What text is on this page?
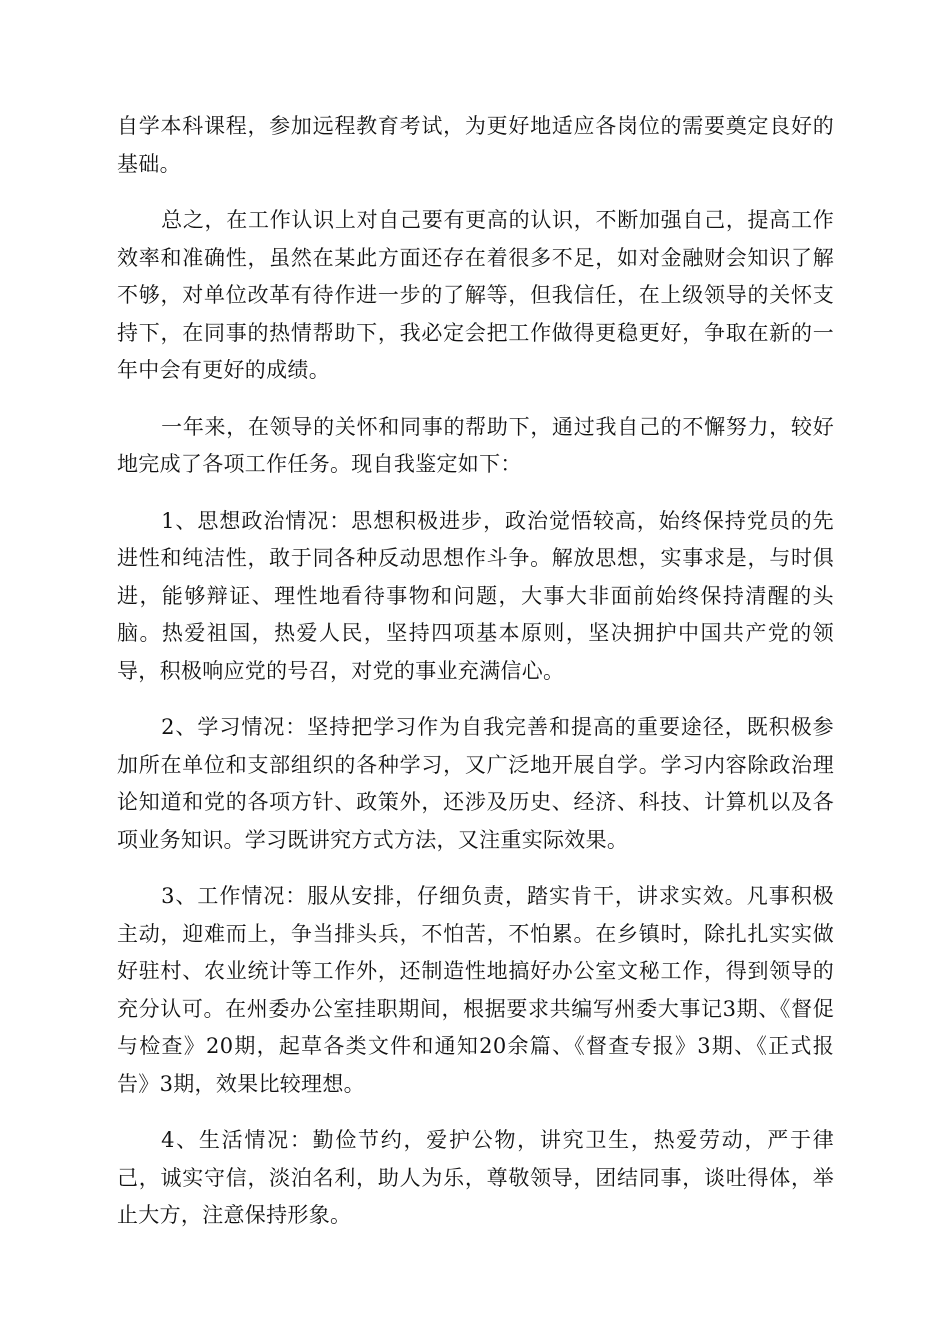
自学本科课程，参加远程教育考试，为更好地适应各岗位的需要奠定良好的基础。

总之，在工作认识上对自己要有更高的认识，不断加强自己，提高工作效率和准确性，虽然在某此方面还存在着很多不足，如对金融财会知识了解不够，对单位改革有待作进一步的了解等，但我信任，在上级领导的关怀支持下，在同事的热情帮助下，我必定会把工作做得更稳更好，争取在新的一年中会有更好的成绩。

一年来，在领导的关怀和同事的帮助下，通过我自己的不懈努力，较好地完成了各项工作任务。现自我鉴定如下：

1、思想政治情况：思想积极进步，政治觉悟较高，始终保持党员的先进性和纯洁性，敢于同各种反动思想作斗争。解放思想，实事求是，与时俱进，能够辩证、理性地看待事物和问题，大事大非面前始终保持清醒的头脑。热爱祖国，热爱人民，坚持四项基本原则，坚决拥护中国共产党的领导，积极响应党的号召，对党的事业充满信心。

2、学习情况：坚持把学习作为自我完善和提高的重要途径，既积极参加所在单位和支部组织的各种学习，又广泛地开展自学。学习内容除政治理论知道和党的各项方针、政策外，还涉及历史、经济、科技、计算机以及各项业务知识。学习既讲究方式方法，又注重实际效果。

3、工作情况：服从安排，仔细负责，踏实肯干，讲求实效。凡事积极主动，迎难而上，争当排头兵，不怕苦，不怕累。在乡镇时，除扎扎实实做好驻村、农业统计等工作外，还制造性地搞好办公室文秘工作，得到领导的充分认可。在州委办公室挂职期间，根据要求共编写州委大事记3期、《督促与检查》20期，起草各类文件和通知20余篇、《督查专报》3期、《正式报告》3期，效果比较理想。

4、生活情况：勤俭节约，爱护公物，讲究卫生，热爱劳动，严于律己，诚实守信，淡泊名利，助人为乐，尊敬领导，团结同事，谈吐得体，举止大方，注意保持形象。
